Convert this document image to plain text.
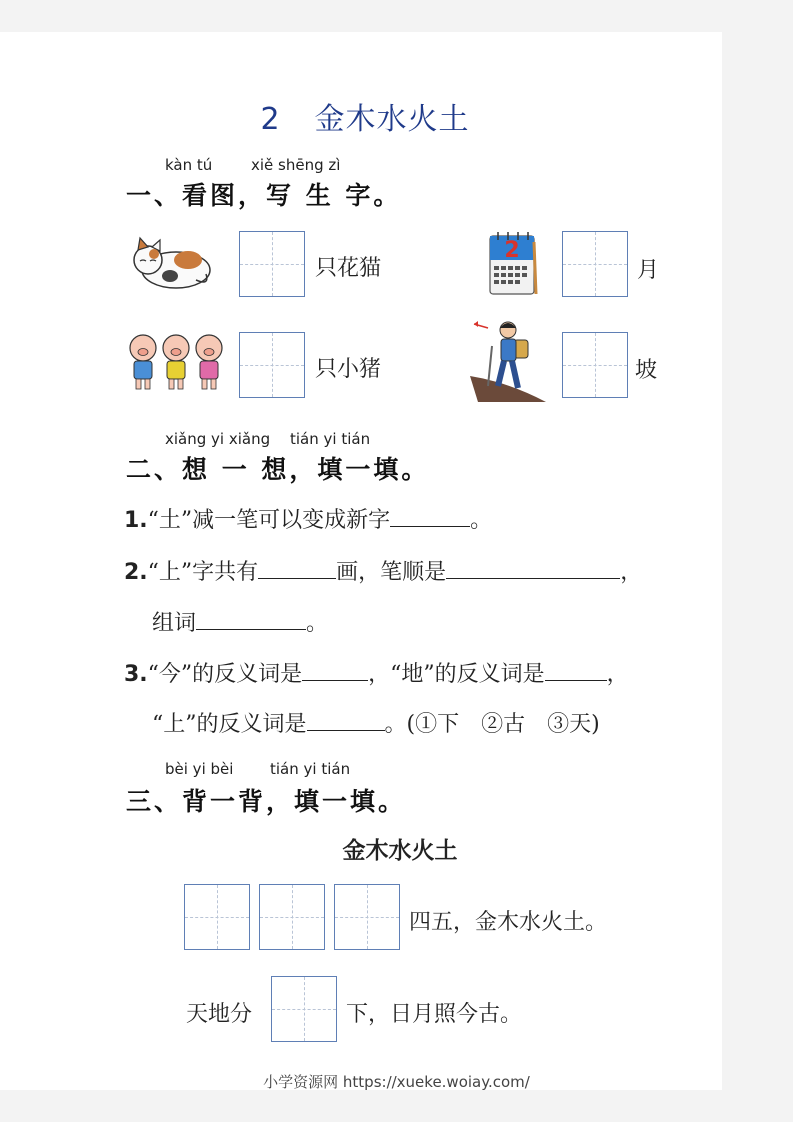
2 金木水火土
kàn tú	xiě shēng zì
一、看图，写 生 字。
只花猫
2
月
只小猪	坡
xiǎng yi xiǎng tián yi tián
二、想 一 想，填一填。
1.“土”减一笔可以变成新字	。
2.“上”字共有	画，笔顺是	，
组词	。
3.“今”的反义词是	，“地”的反义词是	，
“上”的反义词是	。(①下　②古　③天)
bèi yi bèi tián yi tián
三、背一背，填一填。
金木水火土
四五，金木水火土。
天地分	下，日月照今古。
小学资源网 https://xueke.woiay.com/
